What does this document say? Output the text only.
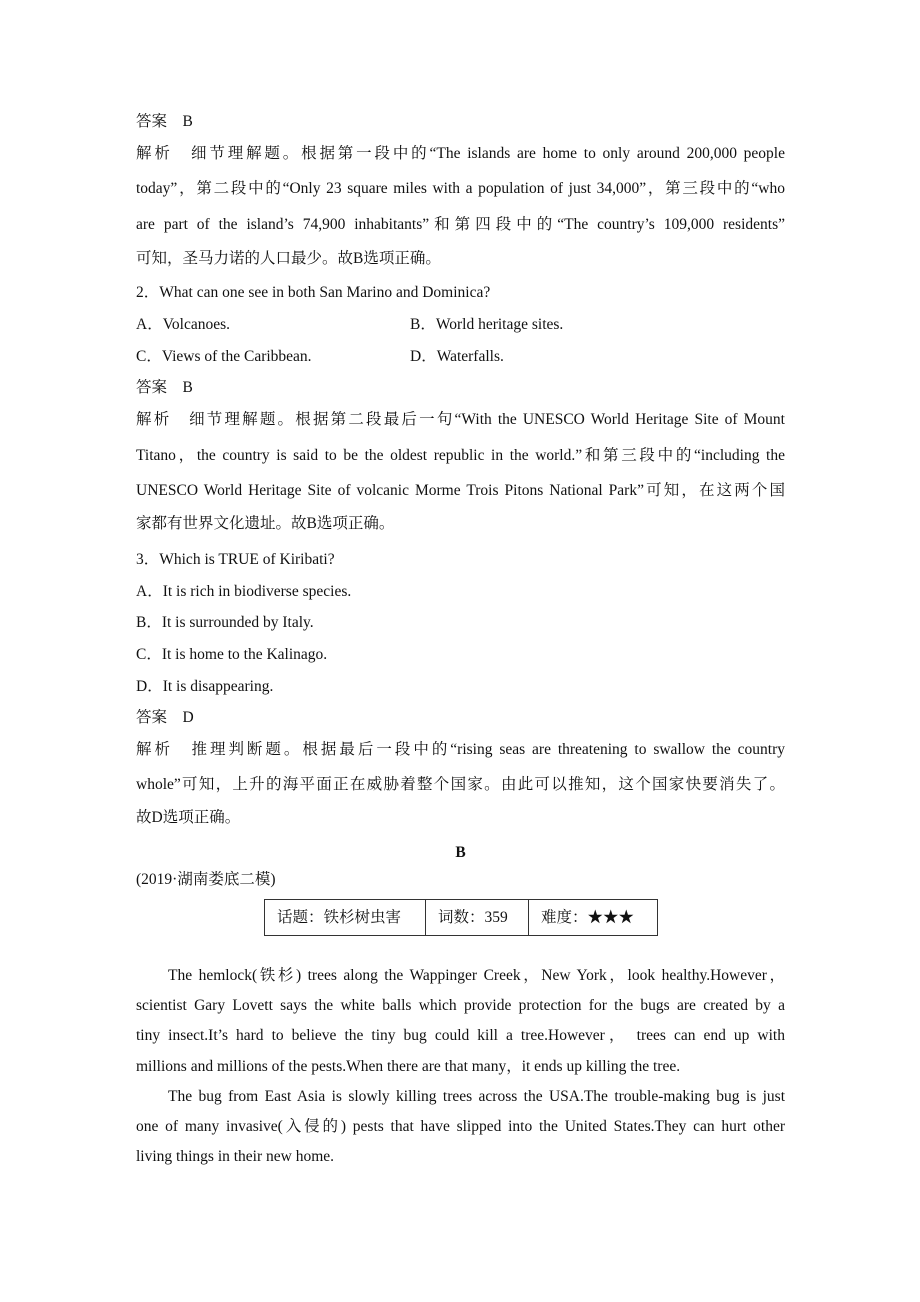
答案　B
解析　细节理解题。根据第一段中的“The islands are home to only around 200,000 people
today”，第二段中的“Only 23 square miles with a population of just 34,000”，第三段中的“who
are part of the island’s 74,900 inhabitants”和第四段中的“The country’s 109,000 residents”
可知，圣马力诺的人口最少。故B选项正确。
2．What can one see in both San Marino and Dominica?
A．Volcanoes.	B．World heritage sites.
C．Views of the Caribbean.	D．Waterfalls.
答案　B
解析　细节理解题。根据第二段最后一句“With the UNESCO World Heritage Site of Mount
Titano，the country is said to be the oldest republic in the world.”和第三段中的“including the
UNESCO World Heritage Site of volcanic Morme Trois Pitons National Park”可知，在这两个国
家都有世界文化遗址。故B选项正确。
3．Which is TRUE of Kiribati?
A．It is rich in biodiverse species.
B．It is surrounded by Italy.
C．It is home to the Kalinago.
D．It is disappearing.
答案　D
解析　推理判断题。根据最后一段中的“rising seas are threatening to swallow the country
whole”可知，上升的海平面正在威胁着整个国家。由此可以推知，这个国家快要消失了。
故D选项正确。
B
(2019·湖南娄底二模)
话题：铁杉树虫害	词数：359	难度：★★★
The hemlock(铁杉) trees along the Wappinger Creek，New York，look healthy.However，
scientist Gary Lovett says the white balls which provide protection for the bugs are created by a
tiny insect.It’s hard to believe the tiny bug could kill a tree.However， trees can end up with
millions and millions of the pests.When there are that many，it ends up killing the tree.
The bug from East Asia is slowly killing trees across the USA.The trouble-making bug is just
one of many invasive(入侵的) pests that have slipped into the United States.They can hurt other
living things in their new home.
